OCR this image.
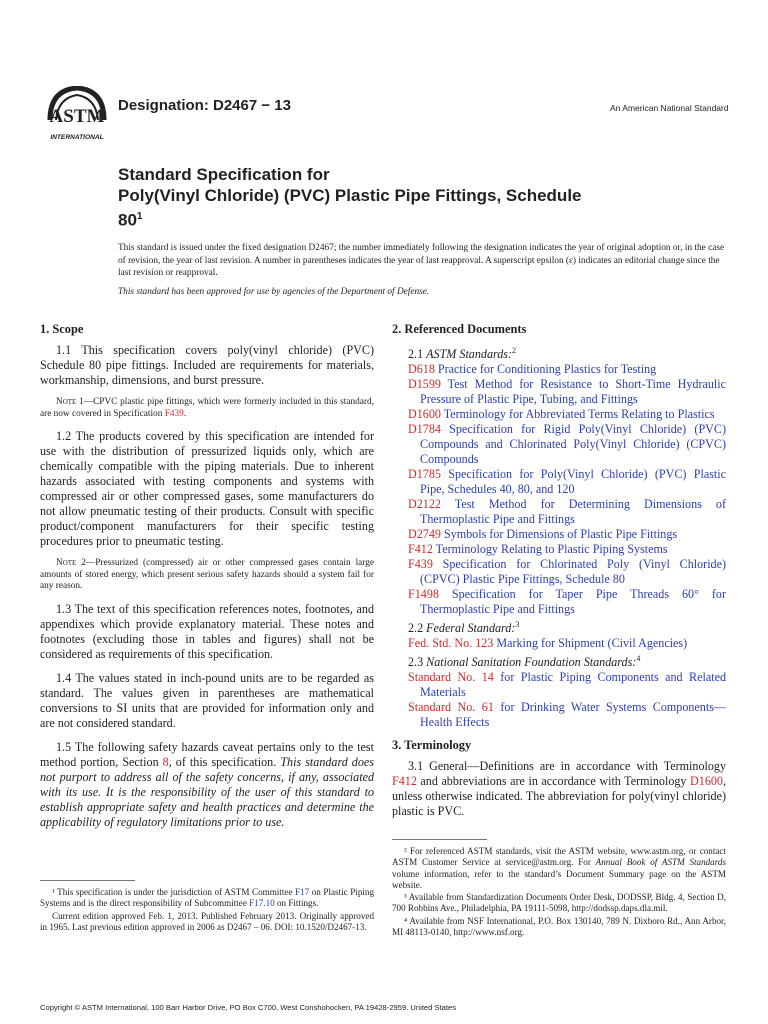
ASTM
INTERNATIONAL
Designation: D2467 − 13	An American National Standard
Standard Specification for
Poly(Vinyl Chloride) (PVC) Plastic Pipe Fittings, Schedule
$80^1$
This standard is issued under the fixed designation D2467; the number immediately following the designation indicates the year of original adoption or, in the case of revision, the year of last revision. A number in parentheses indicates the year of last reapproval. A superscript epsilon (ε) indicates an editorial change since the last revision or reapproval.
This standard has been approved for use by agencies of the Department of Defense.
1. Scope

1.1 This specification covers poly(vinyl chloride) (PVC) Schedule 80 pipe fittings. Included are requirements for materials, workmanship, dimensions, and burst pressure.

Note 1—CPVC plastic pipe fittings, which were formerly included in this standard, are now covered in Specification F439.

1.2 The products covered by this specification are intended for use with the distribution of pressurized liquids only, which are chemically compatible with the piping materials. Due to inherent hazards associated with testing components and systems with compressed air or other compressed gases, some manufacturers do not allow pneumatic testing of their products. Consult with specific product/component manufacturers for their specific testing procedures prior to pneumatic testing.

Note 2—Pressurized (compressed) air or other compressed gases contain large amounts of stored energy, which present serious safety hazards should a system fail for any reason.

1.3 The text of this specification references notes, footnotes, and appendixes which provide explanatory material. These notes and footnotes (excluding those in tables and figures) shall not be considered as requirements of this specification.

1.4 The values stated in inch-pound units are to be regarded as standard. The values given in parentheses are mathematical conversions to SI units that are provided for information only and are not considered standard.

1.5 The following safety hazards caveat pertains only to the test method portion, Section 8, of this specification. This standard does not purport to address all of the safety concerns, if any, associated with its use. It is the responsibility of the user of this standard to establish appropriate safety and health practices and determine the applicability of regulatory limitations prior to use.

2. Referenced Documents
2.1 ASTM Standards:$^2$
D618 Practice for Conditioning Plastics for Testing
D1599 Test Method for Resistance to Short-Time Hydraulic Pressure of Plastic Pipe, Tubing, and Fittings
D1600 Terminology for Abbreviated Terms Relating to Plastics
D1784 Specification for Rigid Poly(Vinyl Chloride) (PVC) Compounds and Chlorinated Poly(Vinyl Chloride) (CPVC) Compounds
D1785 Specification for Poly(Vinyl Chloride) (PVC) Plastic Pipe, Schedules 40, 80, and 120
D2122 Test Method for Determining Dimensions of Thermoplastic Pipe and Fittings
D2749 Symbols for Dimensions of Plastic Pipe Fittings
F412 Terminology Relating to Plastic Piping Systems
F439 Specification for Chlorinated Poly (Vinyl Chloride) (CPVC) Plastic Pipe Fittings, Schedule 80
F1498 Specification for Taper Pipe Threads 60° for Thermoplastic Pipe and Fittings
2.2 Federal Standard:$^3$
Fed. Std. No. 123 Marking for Shipment (Civil Agencies)
2.3 National Sanitation Foundation Standards:$^4$
Standard No. 14 for Plastic Piping Components and Related Materials
Standard No. 61 for Drinking Water Systems Components—Health Effects
3. Terminology

3.1 General—Definitions are in accordance with Terminology F412 and abbreviations are in accordance with Terminology D1600, unless otherwise indicated. The abbreviation for poly(vinyl chloride) plastic is PVC.

¹ This specification is under the jurisdiction of ASTM Committee F17 on Plastic Piping Systems and is the direct responsibility of Subcommittee F17.10 on Fittings.
Current edition approved Feb. 1, 2013. Published February 2013. Originally approved in 1965. Last previous edition approved in 2006 as D2467 – 06. DOI: 10.1520/D2467-13.
² For referenced ASTM standards, visit the ASTM website, www.astm.org, or contact ASTM Customer Service at service@astm.org. For Annual Book of ASTM Standards volume information, refer to the standard’s Document Summary page on the ASTM website.
³ Available from Standardization Documents Order Desk, DODSSP, Bldg. 4, Section D, 700 Robbins Ave., Philadelphia, PA 19111-5098, http://dodssp.daps.dla.mil.
⁴ Available from NSF International, P.O. Box 130140, 789 N. Dixboro Rd., Ann Arbor, MI 48113-0140, http://www.nsf.org.
Copyright © ASTM International, 100 Barr Harbor Drive, PO Box C700, West Conshohocken, PA 19428-2959. United States
